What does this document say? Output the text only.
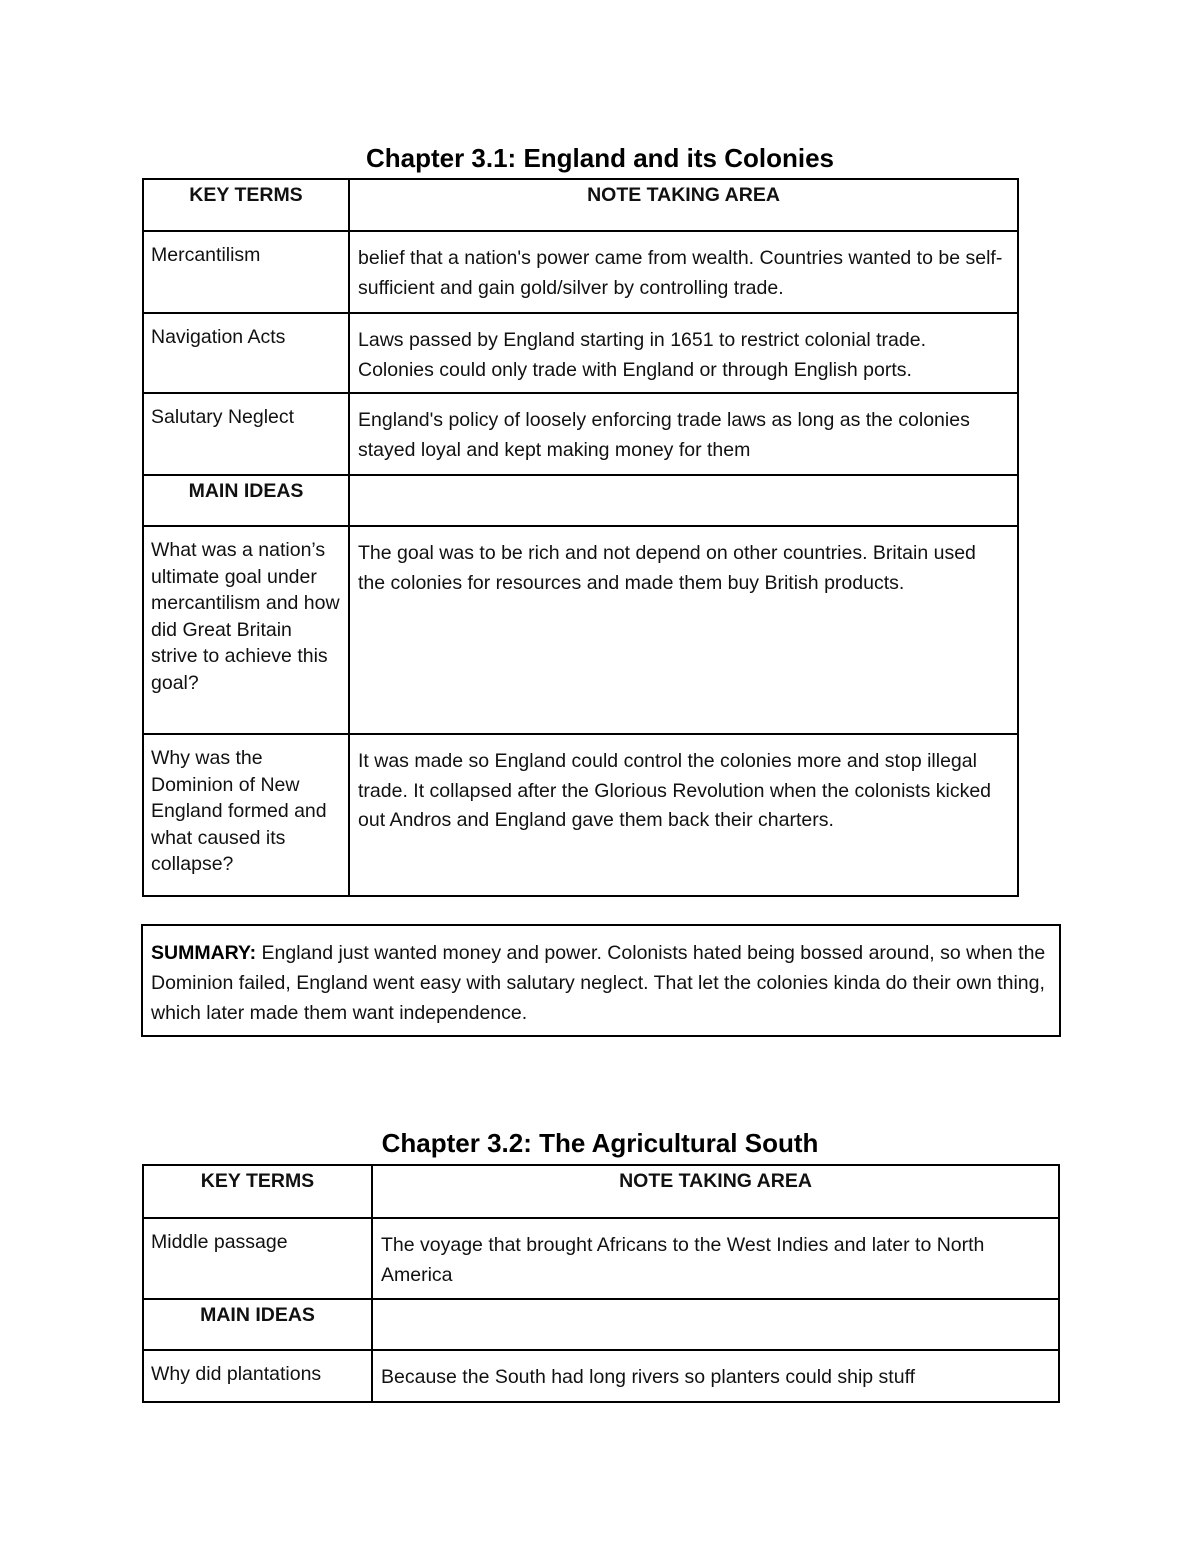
Chapter 3.1: England and its Colonies
KEY TERMS	NOTE TAKING AREA

Mercantilism	belief that a nation's power came from wealth. Countries wanted to be self-sufficient and gain gold/silver by controlling trade.
Navigation Acts	Laws passed by England starting in 1651 to restrict colonial trade. Colonies could only trade with England or through English ports.
Salutary Neglect	England's policy of loosely enforcing trade laws as long as the colonies stayed loyal and kept making money for them

MAIN IDEAS	

What was a nation’s ultimate goal under mercantilism and how did Great Britain strive to achieve this goal?	The goal was to be rich and not depend on other countries. Britain used the colonies for resources and made them buy British products.
Why was the Dominion of New England formed and what caused its collapse?	It was made so England could control the colonies more and stop illegal trade. It collapsed after the Glorious Revolution when the colonists kicked out Andros and England gave them back their charters.
SUMMARY: England just wanted money and power. Colonists hated being bossed around, so when the Dominion failed, England went easy with salutary neglect. That let the colonies kinda do their own thing, which later made them want independence.
Chapter 3.2: The Agricultural South
KEY TERMS	NOTE TAKING AREA

Middle passage	The voyage that brought Africans to the West Indies and later to North America

MAIN IDEAS	

Why did plantations	Because the South had long rivers so planters could ship stuff
